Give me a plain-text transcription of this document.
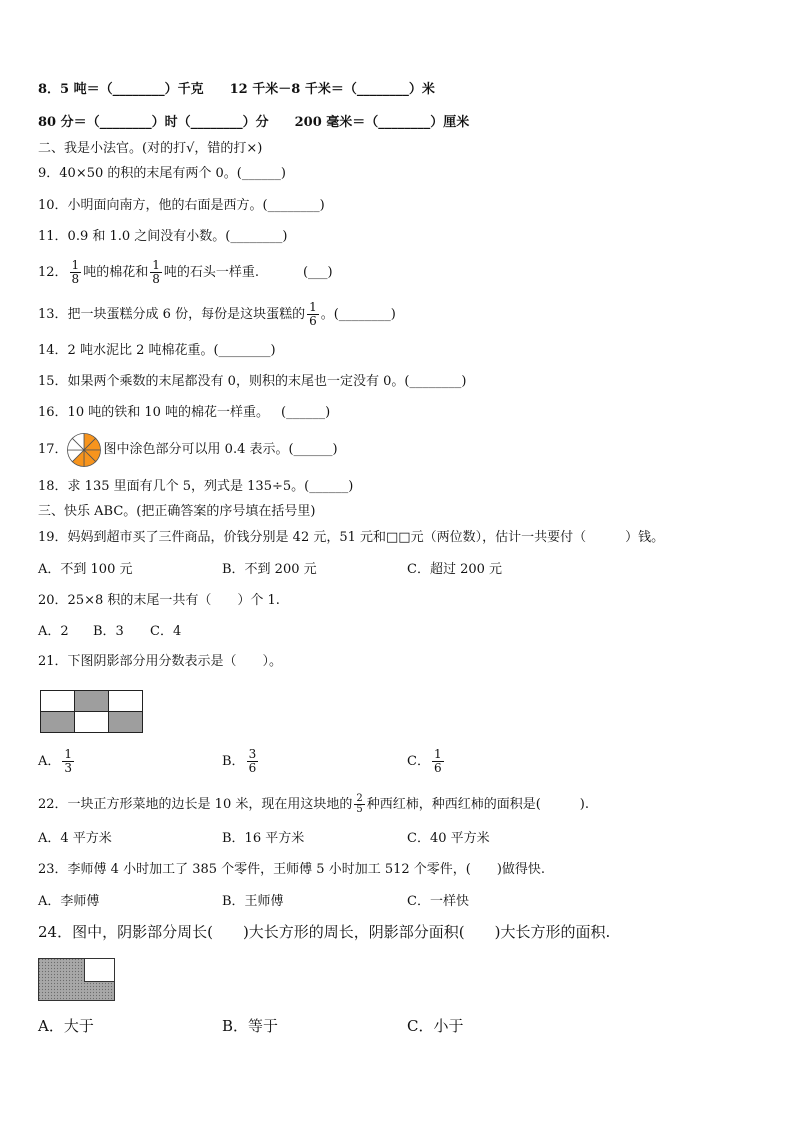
8．5 吨＝（________）千克 12 千米－8 千米＝（________）米
80 分＝（________）时（________）分 200 毫米＝（________）厘米
二、我是小法官。(对的打√，错的打×)
9．40×50 的积的末尾有两个 0。(______)
10．小明面向南方，他的右面是西方。(________)
11．0.9 和 1.0 之间没有小数。(________)
12． $\frac{1}{8}$ 吨的棉花和 $\frac{1}{8}$ 吨的石头一样重.	(___)
13．把一块蛋糕分成 6 份，每份是这块蛋糕的 $\frac{1}{6}$ 。(________)
14．2 吨水泥比 2 吨棉花重。(________)
15．如果两个乘数的末尾都没有 0，则积的末尾也一定没有 0。(________)
16．10 吨的铁和 10 吨的棉花一样重。 (______)
17．	图中涂色部分可以用 0.4 表示。(______)
18．求 135 里面有几个 5，列式是 135÷5。(______)
三、快乐 ABC。(把正确答案的序号填在括号里)
19．妈妈到超市买了三件商品，价钱分别是 42 元，51 元和□□元（两位数），估计一共要付（　　　）钱。
A．不到 100 元	B．不到 200 元	C．超过 200 元
20．25×8 积的末尾一共有（　　）个 1.
A．2 B．3 C．4
21．下图阴影部分用分数表示是（　　）。
A． $\frac{1}{3}$	B． $\frac{3}{6}$	C． $\frac{1}{6}$
22．一块正方形菜地的边长是 10 米，现在用这块地的 $\frac{2}{5}$ 种西红柿，种西红柿的面积是(　　　).
A．4 平方米	B．16 平方米	C．40 平方米
23．李师傅 4 小时加工了 385 个零件，王师傅 5 小时加工 512 个零件，(　　)做得快.
A．李师傅	B．王师傅	C．一样快
24．图中，阴影部分周长(　　)大长方形的周长，阴影部分面积(　　)大长方形的面积.
A．大于	B．等于	C．小于
